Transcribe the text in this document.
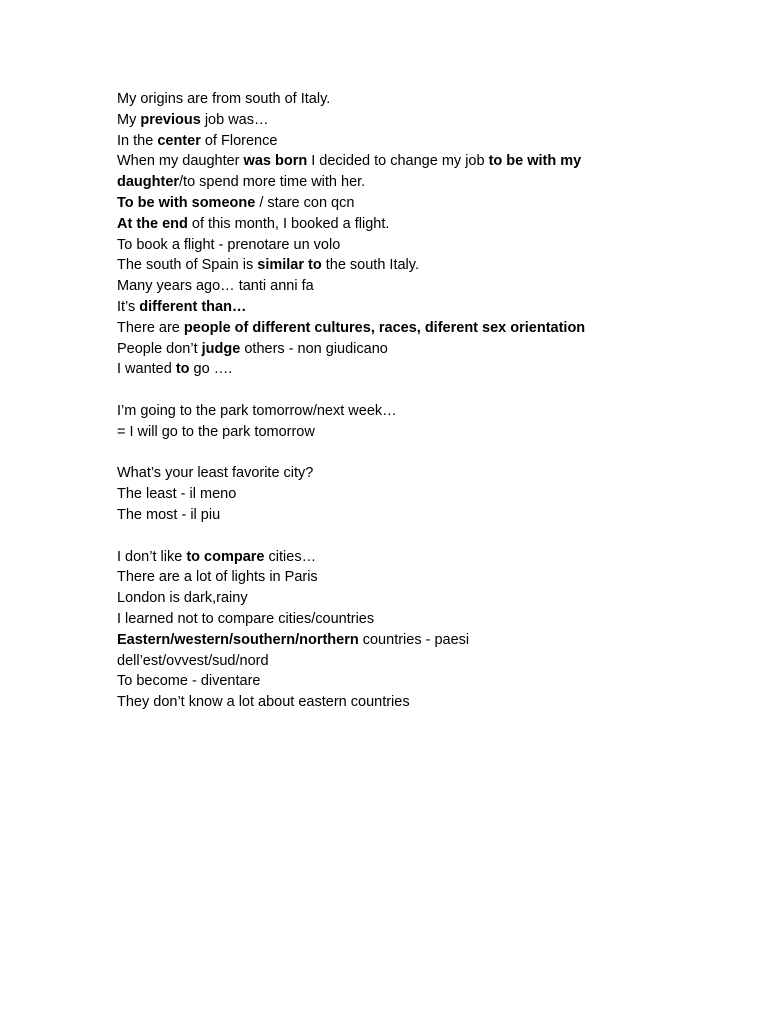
My origins are from south of Italy.
My previous job was…
In the center of Florence
When my daughter was born I decided to change my job to be with my
daughter/to spend more time with her.
To be with someone / stare con qcn
At the end of this month, I booked a flight.
To book a flight - prenotare un volo
The south of Spain is similar to the south Italy.
Many years ago… tanti anni fa
It’s different than…
There are people of different cultures, races, diferent sex orientation
People don’t judge others - non giudicano
I wanted to go ….
I’m going to the park tomorrow/next week…
= I will go to the park tomorrow
What’s your least favorite city?
The least - il meno
The most - il piu
I don’t like to compare cities…
There are a lot of lights in Paris
London is dark,rainy
I learned not to compare cities/countries
Eastern/western/southern/northern countries - paesi
dell’est/ovvest/sud/nord
To become - diventare
They don’t know a lot about eastern countries
